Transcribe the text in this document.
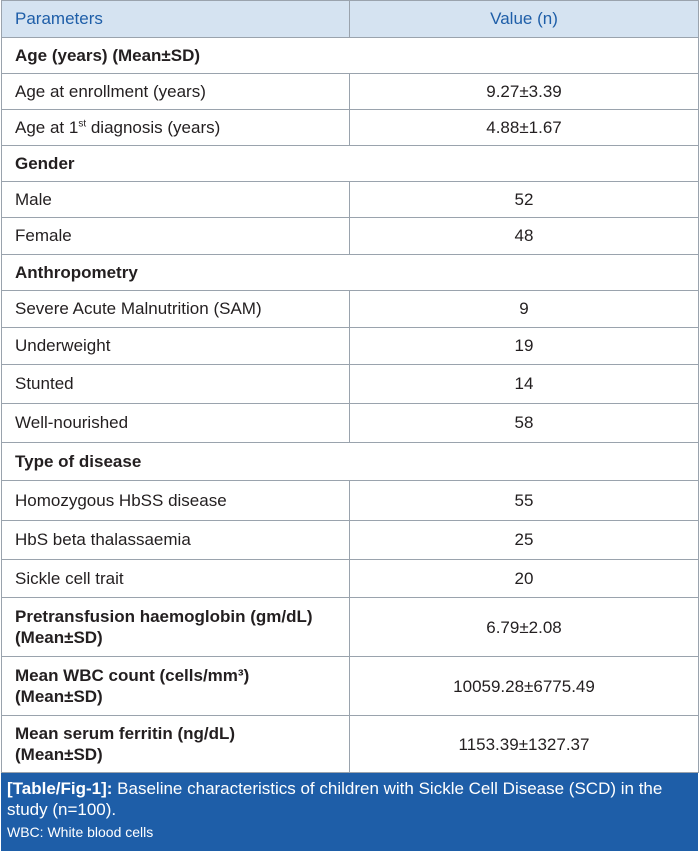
Parameters	Value (n)
Age (years) (Mean±SD)	
Age at enrollment (years)	9.27±3.39
Age at 1st diagnosis (years)	4.88±1.67
Gender	
Male	52
Female	48
Anthropometry	
Severe Acute Malnutrition (SAM)	9
Underweight	19
Stunted	14
Well-nourished	58
Type of disease	
Homozygous HbSS disease	55
HbS beta thalassaemia	25
Sickle cell trait	20
Pretransfusion haemoglobin (gm/dL)
(Mean±SD)	6.79±2.08
Mean WBC count (cells/mm³)
(Mean±SD)	10059.28±6775.49
Mean serum ferritin (ng/dL)
(Mean±SD)	1153.39±1327.37
[Table/Fig-1]: Baseline characteristics of children with Sickle Cell Disease (SCD) in the study (n=100).
WBC: White blood cells
